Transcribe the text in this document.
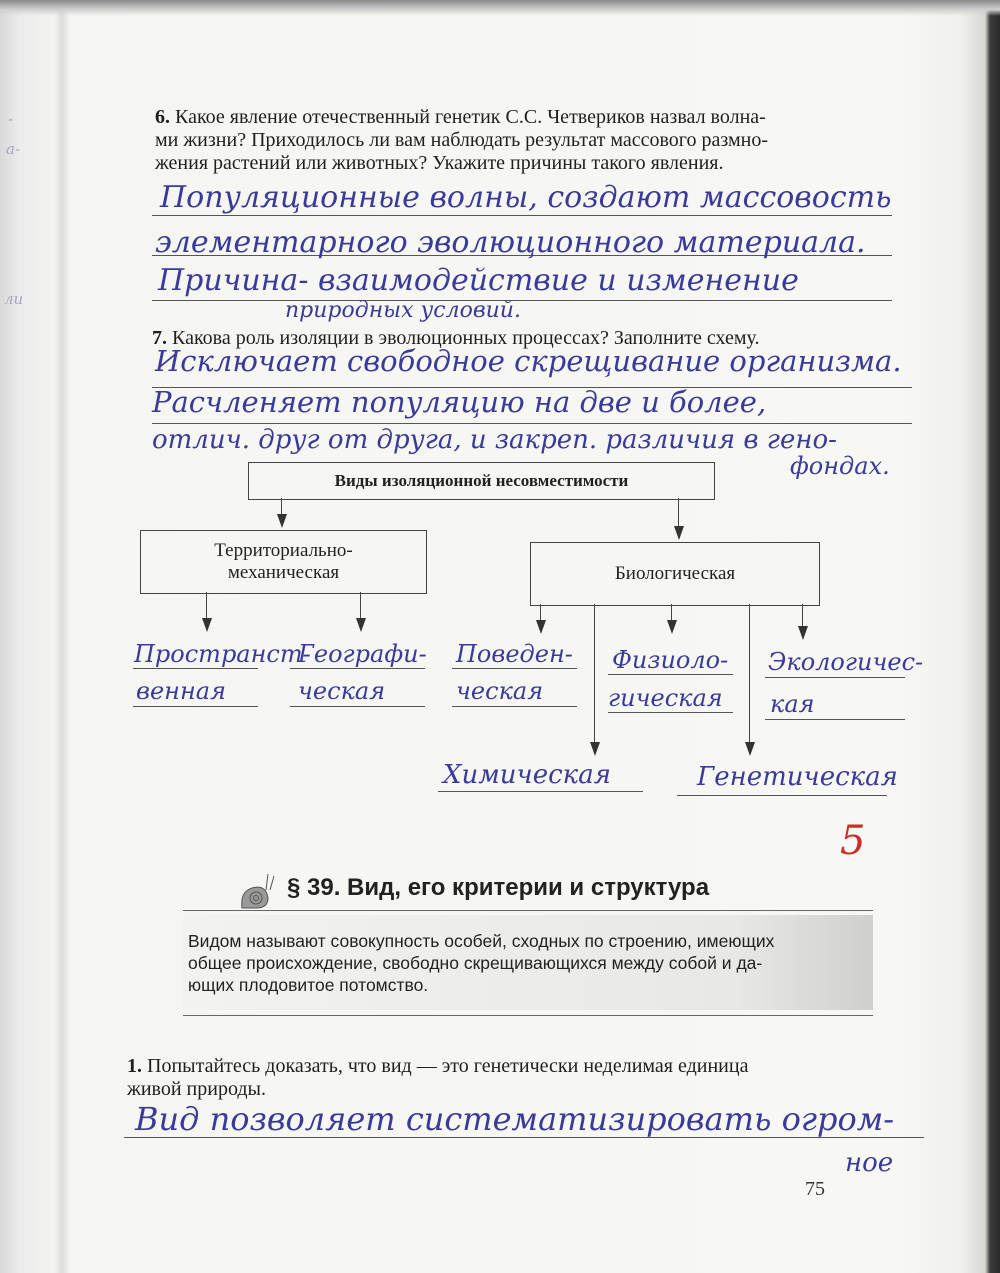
-
а-
ли
6. Какое явление отечественный генетик С.С. Четвериков назвал волна-
ми жизни? Приходилось ли вам наблюдать результат массового размно-
жения растений или животных? Укажите причины такого явления.
Популяционные волны, создают массовость
элементарного эволюционного материала.
Причина- взаимодействие и изменение
природных условий.
7. Какова роль изоляции в эволюционных процессах? Заполните схему.
Исключает свободное скрещивание организма.
Расчленяет популяцию на две и более,
отлич. друг от друга, и закреп. различия в гено-
фондах.
Виды изоляционной несовместимости
Территориально-
механическая	Биологическая
Пространст-
венная
Географи-
ческая
Поведен-
ческая
Физиоло-
гическая
Экологичес-
кая
Химическая	Генетическая
5
§ 39. Вид, его критерии и структура
Видом называют совокупность особей, сходных по строению, имеющих
общее происхождение, свободно скрещивающихся между собой и да-
ющих плодовитое потомство.
1. Попытайтесь доказать, что вид — это генетически неделимая единица
живой природы.
Вид позволяет систематизировать огром-
ное
75
